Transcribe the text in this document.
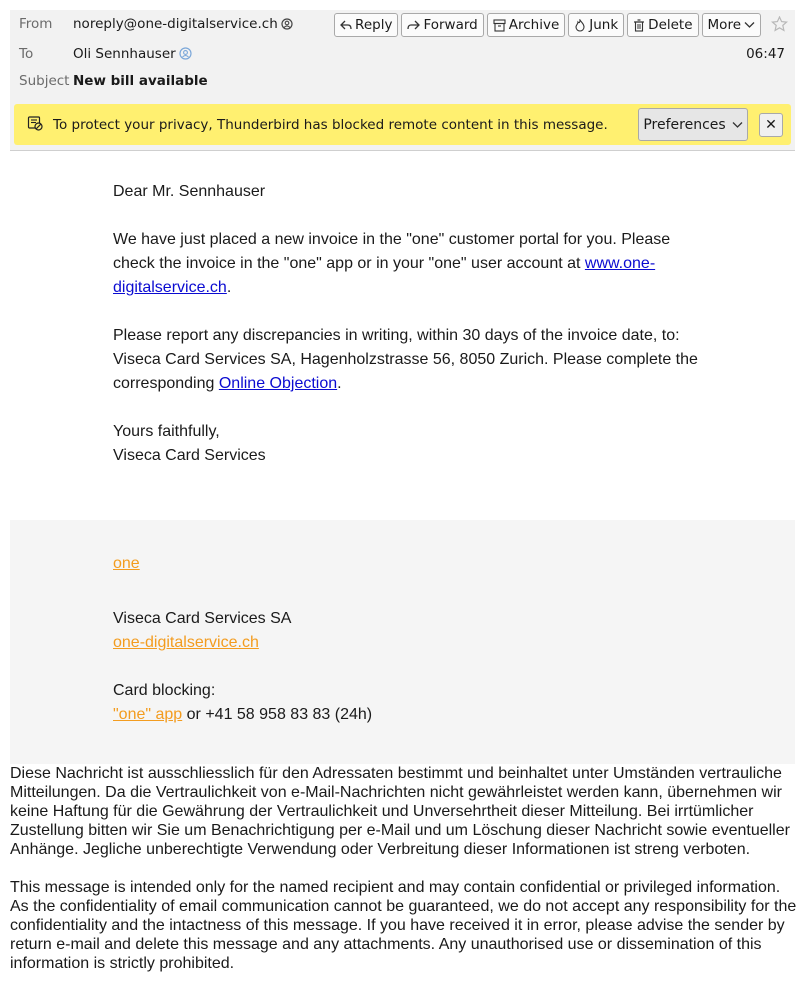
From noreply@one-digitalservice.ch	Reply Forward Archive Junk Delete More
To	Oli Sennhauser	06:47
Subject New bill available
To protect your privacy, Thunderbird has blocked remote content in this message.	Preferences	✕

Dear Mr. Sennhauser

We have just placed a new invoice in the "one" customer portal for you. Please check the invoice in the "one" app or in your "one" user account at www.one-digitalservice.ch.

Please report any discrepancies in writing, within 30 days of the invoice date, to: Viseca Card Services SA, Hagenholzstrasse 56, 8050 Zurich. Please complete the corresponding Online Objection.

Yours faithfully,
Viseca Card Services

one

Viseca Card Services SA
one-digitalservice.ch

Card blocking:
"one" app or +41 58 958 83 83 (24h)

Diese Nachricht ist ausschliesslich für den Adressaten bestimmt und beinhaltet unter Umständen vertrauliche Mitteilungen. Da die Vertraulichkeit von e-Mail-Nachrichten nicht gewährleistet werden kann, übernehmen wir keine Haftung für die Gewährung der Vertraulichkeit und Unversehrtheit dieser Mitteilung. Bei irrtümlicher Zustellung bitten wir Sie um Benachrichtigung per e-Mail und um Löschung dieser Nachricht sowie eventueller Anhänge. Jegliche unberechtigte Verwendung oder Verbreitung dieser Informationen ist streng verboten.

This message is intended only for the named recipient and may contain confidential or privileged information. As the confidentiality of email communication cannot be guaranteed, we do not accept any responsibility for the confidentiality and the intactness of this message. If you have received it in error, please advise the sender by return e-mail and delete this message and any attachments. Any unauthorised use or dissemination of this information is strictly prohibited.
